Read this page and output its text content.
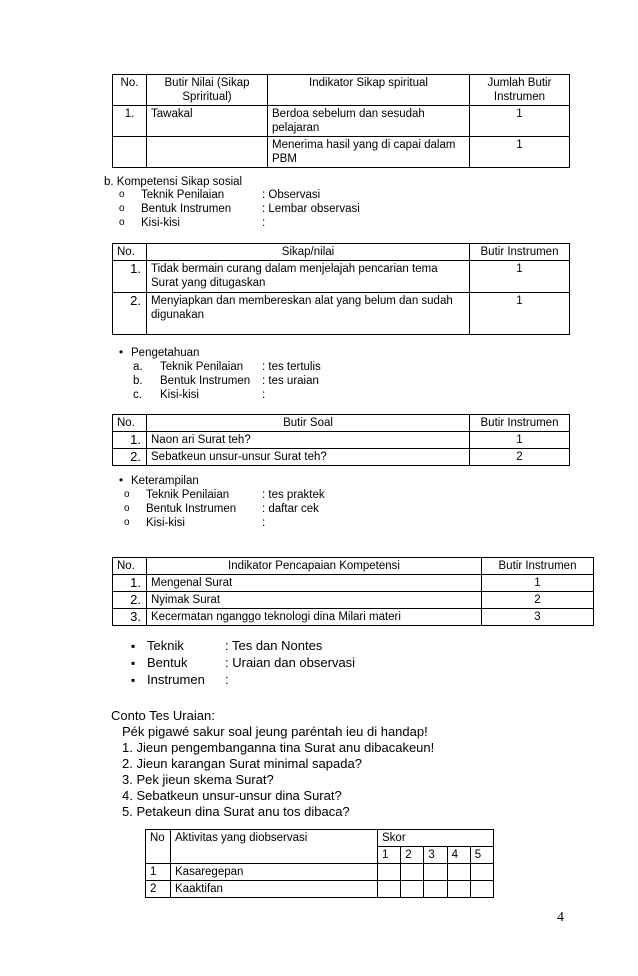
No.	Butir Nilai (Sikap Spriritual)	Indikator Sikap spiritual	Jumlah Butir Instrumen
1.	Tawakal	Berdoa sebelum dan sesudah pelajaran	1
		Menerima hasil yang di capai dalam PBM	1
b. Kompetensi Sikap sosial
o Teknik Penilaian	: Observasi
o Bentuk Instrumen	: Lembar observasi
o Kisi-kisi	:
No.	Sikap/nilai	Butir Instrumen
1.	Tidak bermain curang dalam menjelajah pencarian tema Surat yang ditugaskan	1
2.	Menyiapkan dan membereskan alat yang belum dan sudah digunakan	1
• Pengetahuan
a. Teknik Penilaian : tes tertulis
b. Bentuk Instrumen : tes uraian
c. Kisi-kisi	:
No.	Butir Soal	Butir Instrumen
1.	Naon ari Surat teh?	1
2.	Sebatkeun unsur-unsur Surat teh?	2
• Keterampilan
o Teknik Penilaian	: tes praktek
o Bentuk Instrumen : daftar cek
o Kisi-kisi	:
No.	Indikator Pencapaian Kompetensi	Butir Instrumen
1.	Mengenal Surat	1
2.	Nyimak Surat	2
3.	Kecermatan nganggo teknologi dina Milari materi	3
▪ Teknik	: Tes dan Nontes
▪ Bentuk	: Uraian dan observasi
▪ Instrumen :
Conto Tes Uraian:
Pék pigawé sakur soal jeung paréntah ieu di handap!
1. Jieun pengembanganna tina Surat anu dibacakeun!
2. Jieun karangan Surat minimal sapada?
3. Pek jieun skema Surat?
4. Sebatkeun unsur-unsur dina Surat?
5. Petakeun dina Surat anu tos dibaca?
No	Aktivitas yang diobservasi	Skor				
		1	2	3	4	5
1	Kasaregepan					
2	Kaaktifan					
4
